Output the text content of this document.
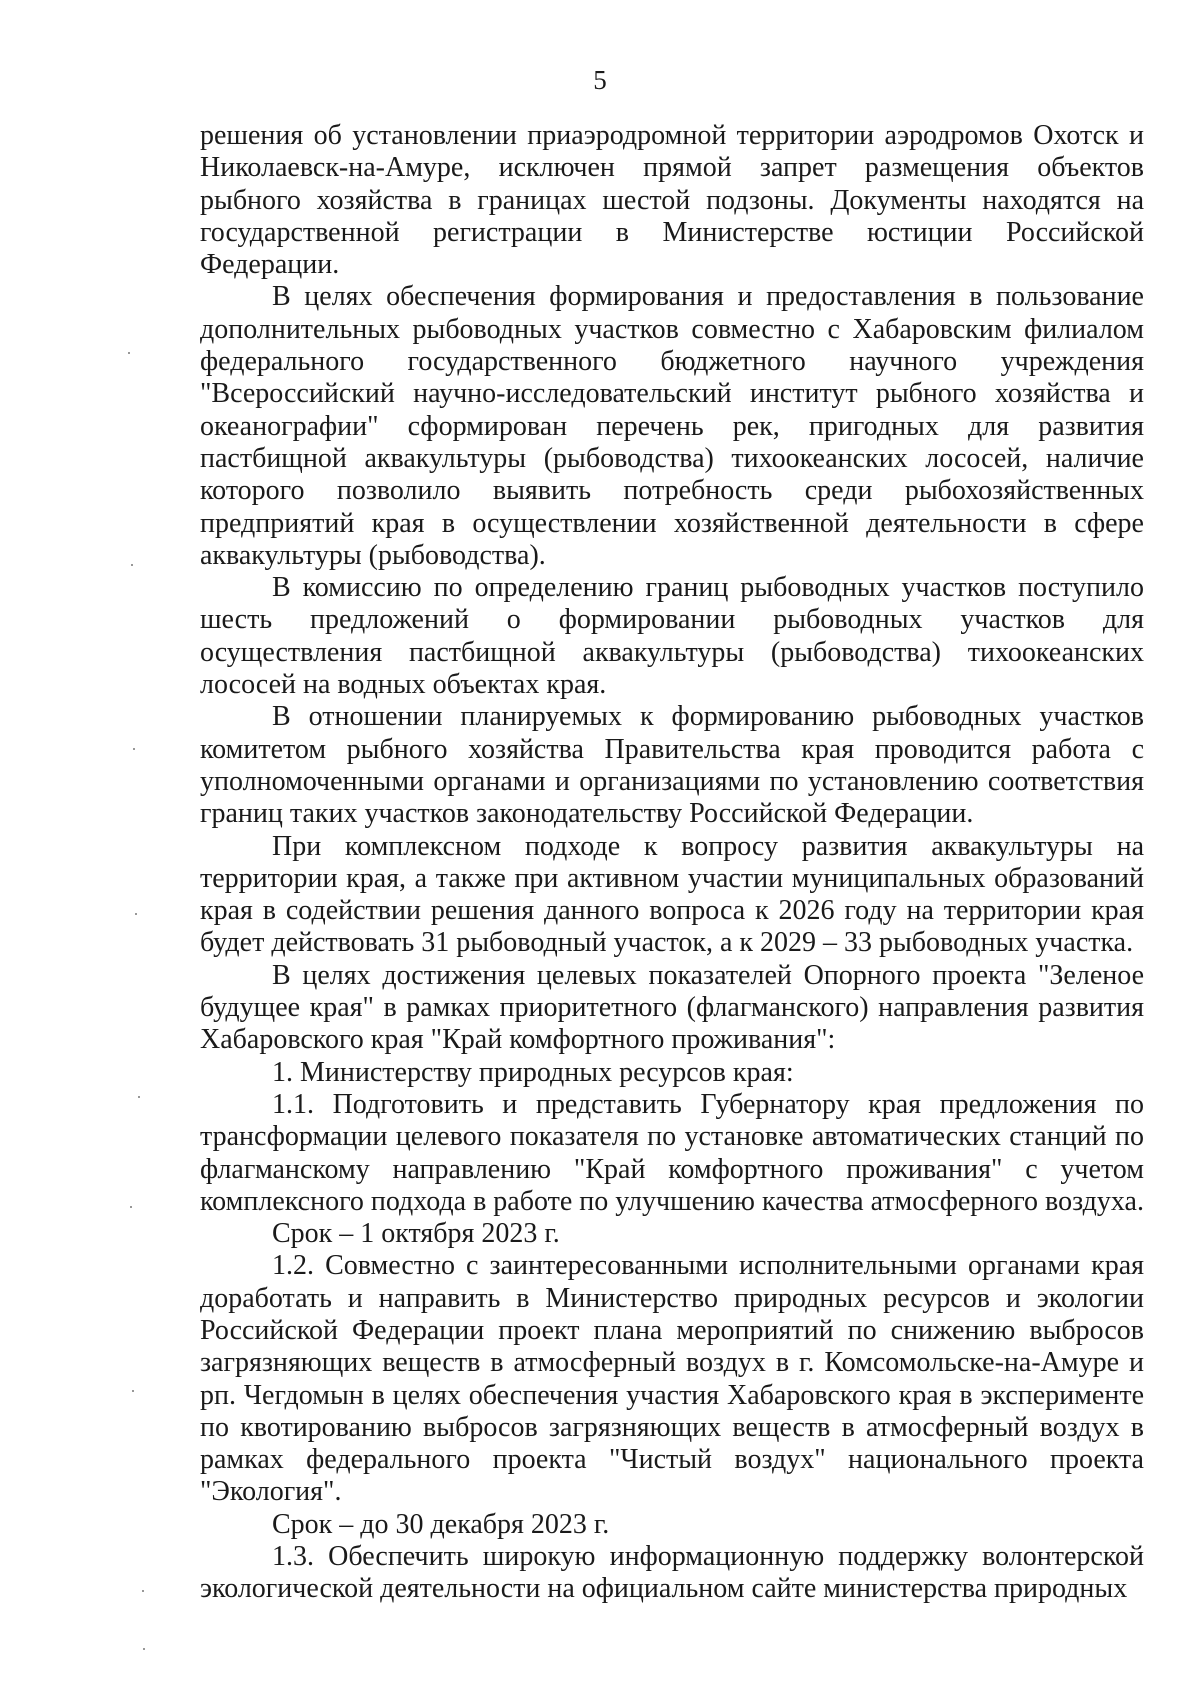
5

решения об установлении приаэродромной территории аэродромов Охотск и Николаевск-на-Амуре, исключен прямой запрет размещения объектов рыбного хозяйства в границах шестой подзоны. Документы находятся на государственной регистрации в Министерстве юстиции Российской Федерации.

В целях обеспечения формирования и предоставления в пользование дополнительных рыбоводных участков совместно с Хабаровским филиалом федерального государственного бюджетного научного учреждения "Всероссийский научно-исследовательский институт рыбного хозяйства и океанографии" сформирован перечень рек, пригодных для развития пастбищной аквакультуры (рыбоводства) тихоокеанских лососей, наличие которого позволило выявить потребность среди рыбохозяйственных предприятий края в осуществлении хозяйственной деятельности в сфере аквакультуры (рыбоводства).

В комиссию по определению границ рыбоводных участков поступило шесть предложений о формировании рыбоводных участков для осуществления пастбищной аквакультуры (рыбоводства) тихоокеанских лососей на водных объектах края.

В отношении планируемых к формированию рыбоводных участков комитетом рыбного хозяйства Правительства края проводится работа с уполномоченными органами и организациями по установлению соответствия границ таких участков законодательству Российской Федерации.

При комплексном подходе к вопросу развития аквакультуры на территории края, а также при активном участии муниципальных образований края в содействии решения данного вопроса к 2026 году на территории края будет действовать 31 рыбоводный участок, а к 2029 – 33 рыбоводных участка.

В целях достижения целевых показателей Опорного проекта "Зеленое будущее края" в рамках приоритетного (флагманского) направления развития Хабаровского края "Край комфортного проживания":

1. Министерству природных ресурсов края:

1.1. Подготовить и представить Губернатору края предложения по трансформации целевого показателя по установке автоматических станций по флагманскому направлению "Край комфортного проживания" с учетом комплексного подхода в работе по улучшению качества атмосферного воздуха.

Срок – 1 октября 2023 г.

1.2. Совместно с заинтересованными исполнительными органами края доработать и направить в Министерство природных ресурсов и экологии Российской Федерации проект плана мероприятий по снижению выбросов загрязняющих веществ в атмосферный воздух в г. Комсомольске-на-Амуре и рп. Чегдомын в целях обеспечения участия Хабаровского края в эксперименте по квотированию выбросов загрязняющих веществ в атмосферный воздух в рамках федерального проекта "Чистый воздух" национального проекта "Экология".

Срок – до 30 декабря 2023 г.

1.3. Обеспечить широкую информационную поддержку волонтерской экологической деятельности на официальном сайте министерства природных
